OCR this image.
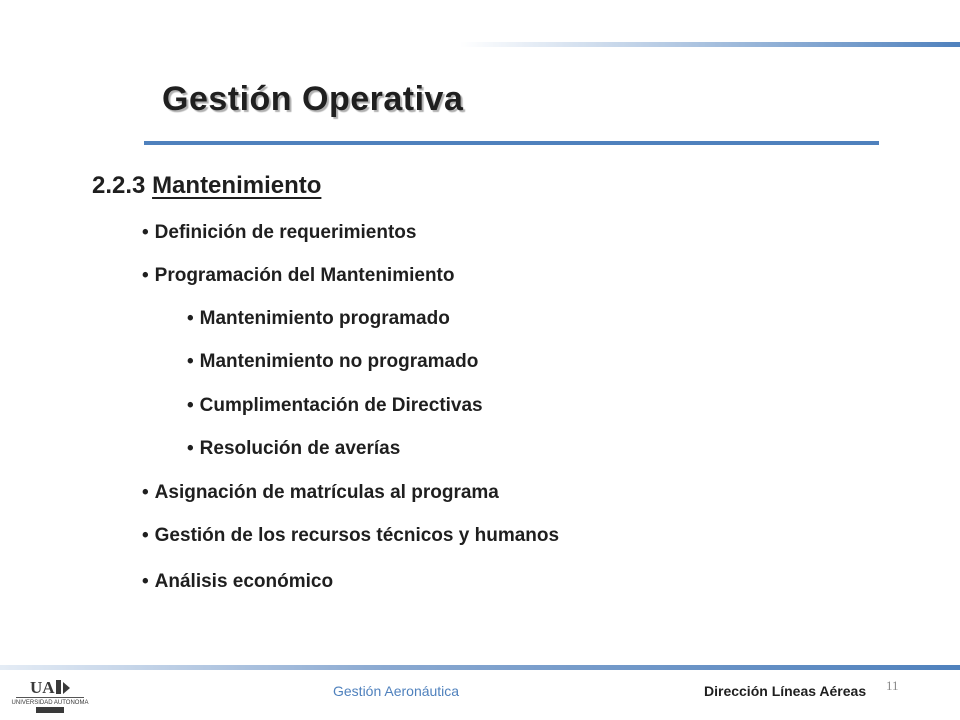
Gestión Operativa
2.2.3 Mantenimiento
• Definición de requerimientos
• Programación del Mantenimiento
• Mantenimiento programado
• Mantenimiento no programado
• Cumplimentación de Directivas
• Resolución de averías
• Asignación de matrículas al programa
• Gestión de los recursos técnicos y humanos
• Análisis económico
UA
UNIVERSIDAD AUTONOMA
Gestión Aeronáutica	Dirección Líneas Aéreas 11
